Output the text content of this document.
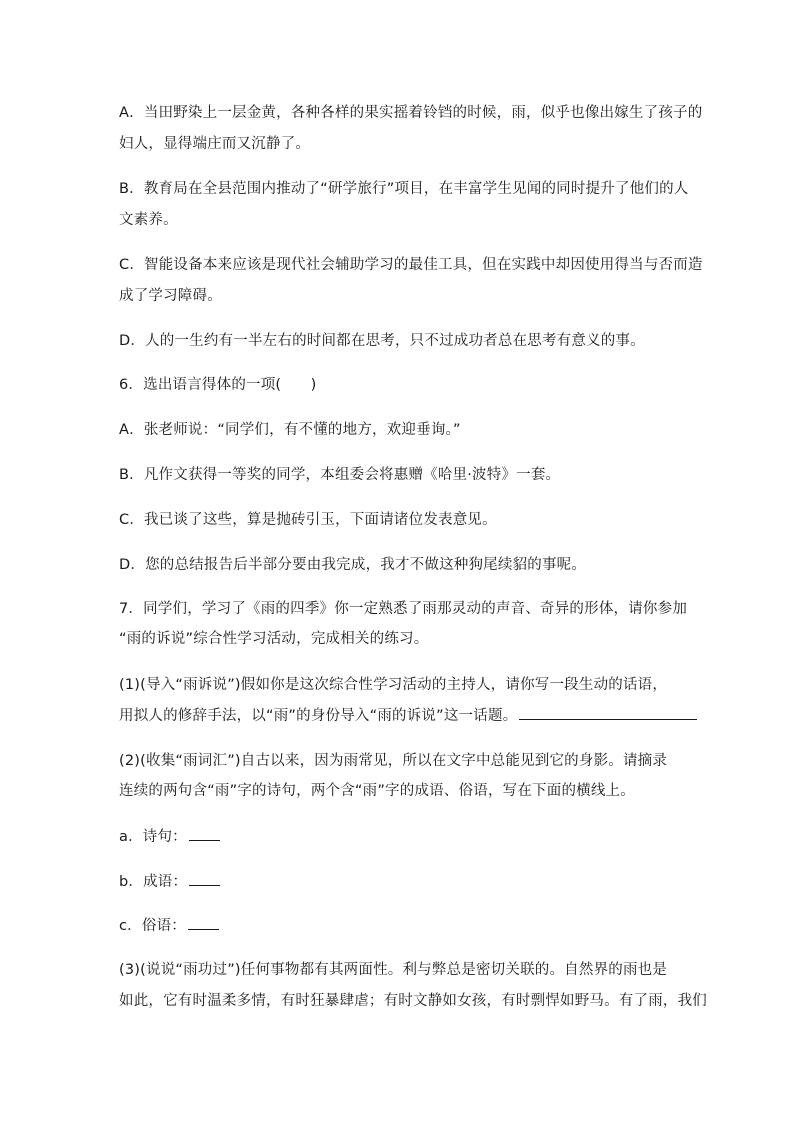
A．当田野染上一层金黄，各种各样的果实摇着铃铛的时候，雨，似乎也像出嫁生了孩子的
妇人，显得端庄而又沉静了。
B．教育局在全县范围内推动了“研学旅行”项目，在丰富学生见闻的同时提升了他们的人
文素养。
C．智能设备本来应该是现代社会辅助学习的最佳工具，但在实践中却因使用得当与否而造
成了学习障碍。
D．人的一生约有一半左右的时间都在思考，只不过成功者总在思考有意义的事。
6．选出语言得体的一项(　　)
A．张老师说：“同学们，有不懂的地方，欢迎垂询。”
B．凡作文获得一等奖的同学，本组委会将惠赠《哈里·波特》一套。
C．我已谈了这些，算是抛砖引玉，下面请诸位发表意见。
D．您的总结报告后半部分要由我完成，我才不做这种狗尾续貂的事呢。
7．同学们，学习了《雨的四季》你一定熟悉了雨那灵动的声音、奇异的形体，请你参加
“雨的诉说”综合性学习活动，完成相关的练习。
(1)(导入“雨诉说”)假如你是这次综合性学习活动的主持人，请你写一段生动的话语，
用拟人的修辞手法，以“雨”的身份导入“雨的诉说”这一话题。
(2)(收集“雨词汇”)自古以来，因为雨常见，所以在文字中总能见到它的身影。请摘录
连续的两句含“雨”字的诗句，两个含“雨”字的成语、俗语，写在下面的横线上。
a．诗句：
b．成语：
c．俗语：
(3)(说说“雨功过”)任何事物都有其两面性。利与弊总是密切关联的。自然界的雨也是
如此，它有时温柔多情，有时狂暴肆虐；有时文静如女孩，有时剽悍如野马。有了雨，我们
